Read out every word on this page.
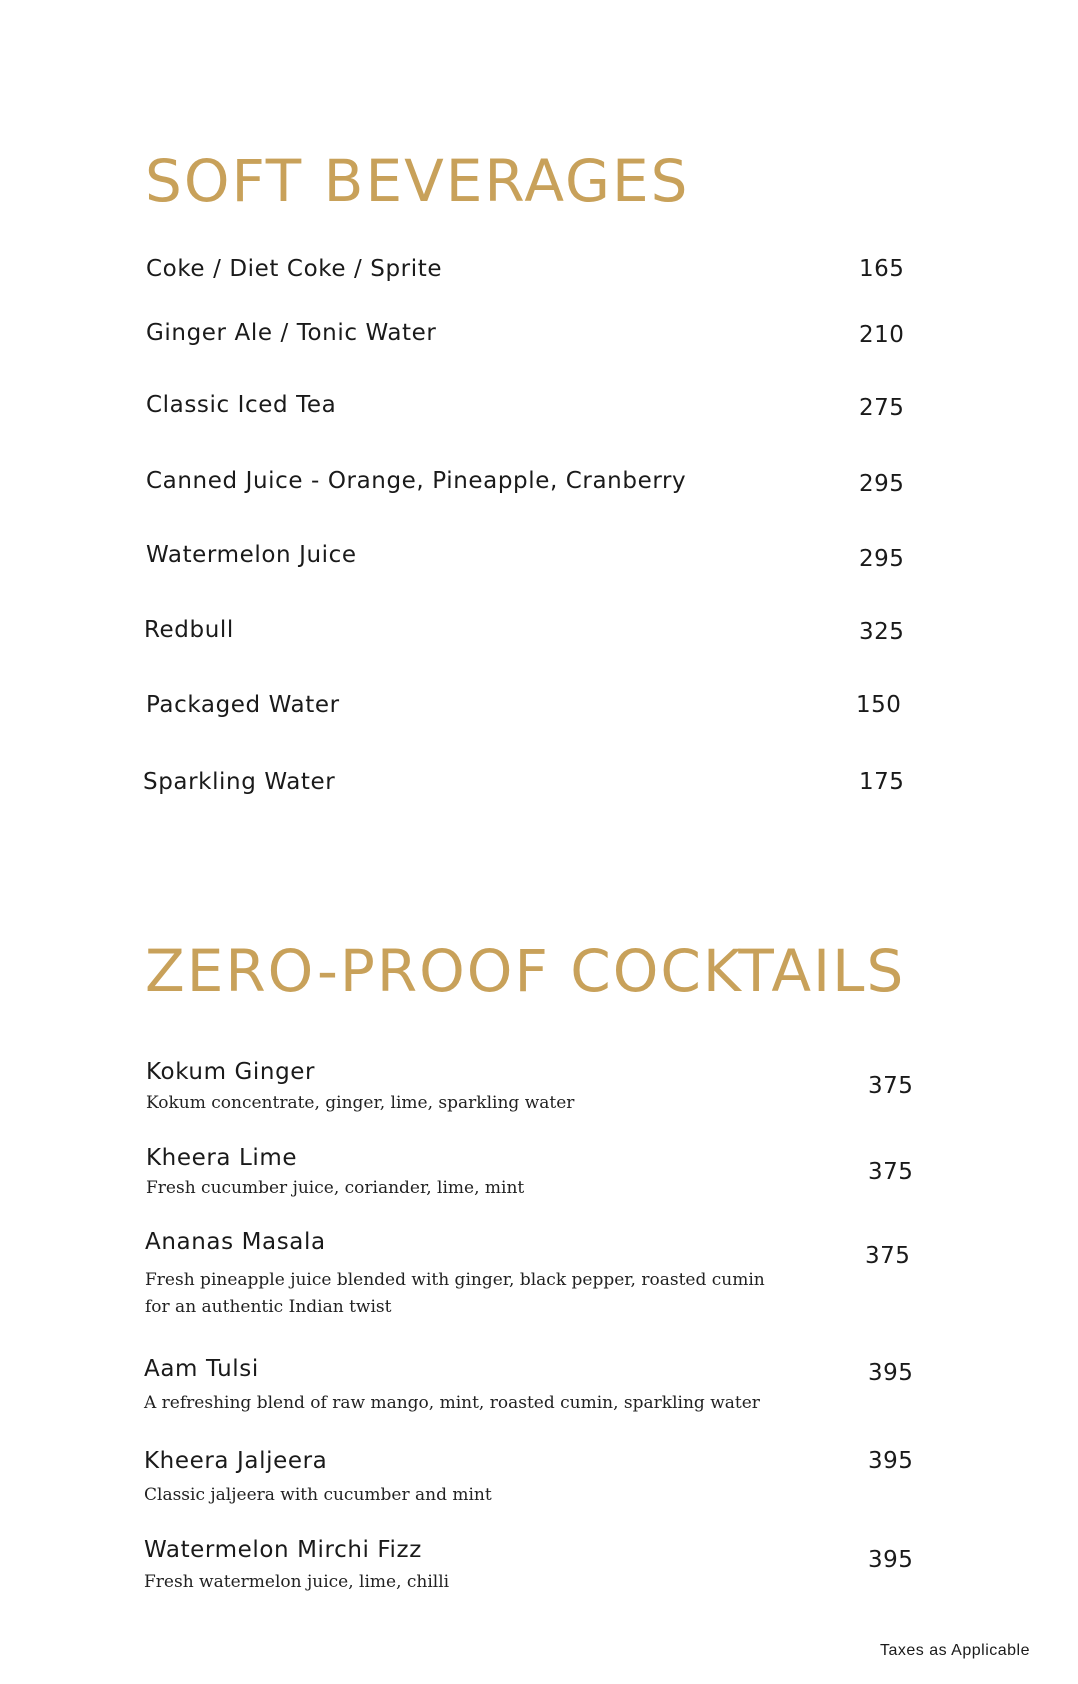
SOFT BEVERAGES
Coke / Diet Coke / Sprite	165
Ginger Ale / Tonic Water	210
Classic Iced Tea	275
Canned Juice - Orange, Pineapple, Cranberry	295
Watermelon Juice	295
Redbull	325
Packaged Water	150
Sparkling Water	175
ZERO-PROOF COCKTAILS
Kokum Ginger
Kokum concentrate, ginger, lime, sparkling water
375
Kheera Lime
Fresh cucumber juice, coriander, lime, mint
375
Ananas Masala
Fresh pineapple juice blended with ginger, black pepper, roasted cumin for an authentic Indian twist
375
Aam Tulsi
A refreshing blend of raw mango, mint, roasted cumin, sparkling water
395
Kheera Jaljeera
Classic jaljeera with cucumber and mint
395
Watermelon Mirchi Fizz
Fresh watermelon juice, lime, chilli
395
Taxes as Applicable
